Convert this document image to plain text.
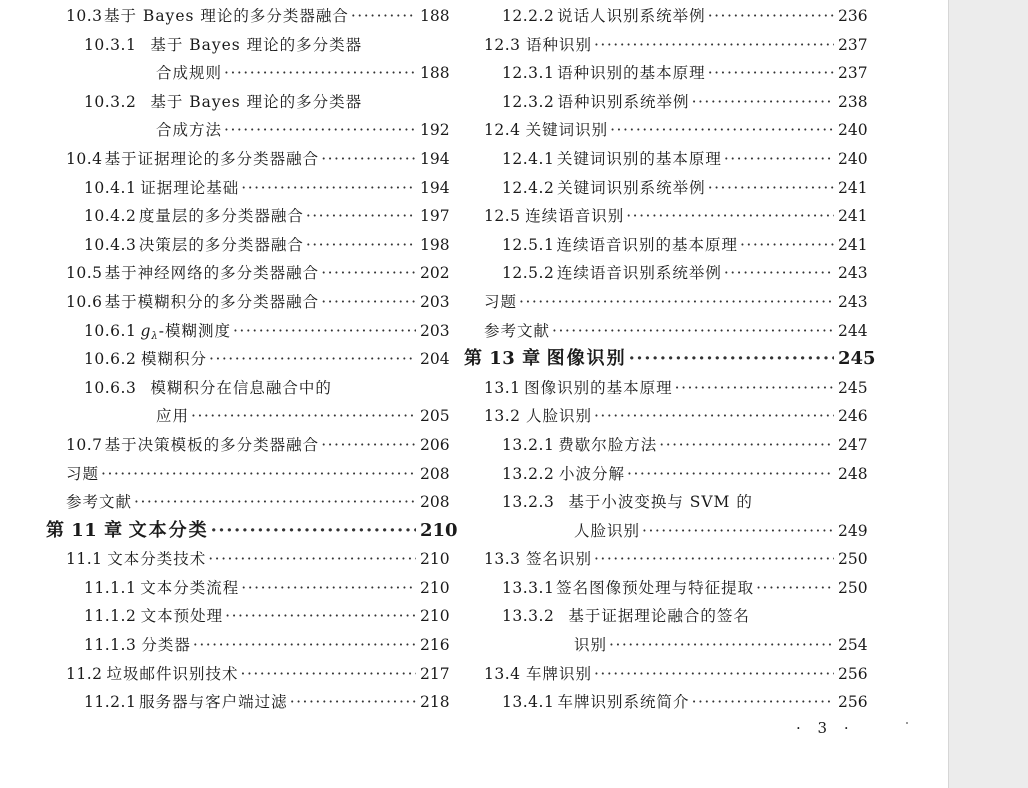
10.3 基于 Bayes 理论的多分类器融合 ·····	188
10.3.1 基于 Bayes 理论的多分类器
合成规则 ·····	188
10.3.2 基于 Bayes 理论的多分类器
合成方法 ·····	192
10.4 基于证据理论的多分类器融合 ·····	194
10.4.1 证据理论基础 ·····	194
10.4.2 度量层的多分类器融合 ·····	197
10.4.3 决策层的多分类器融合 ·····	198
10.5 基于神经网络的多分类器融合 ·····	202
10.6 基于模糊积分的多分类器融合 ·····	203
10.6.1 $g_\lambda-$模糊测度 ·····	203
10.6.2 模糊积分 ·····	204
10.6.3 模糊积分在信息融合中的
应用 ·····	205
10.7 基于决策模板的多分类器融合 ·····	206
习题 ·····	208
参考文献 ·····	208
第 11 章 文本分类 ·····	210
11.1 文本分类技术 ·····	210
11.1.1 文本分类流程 ·····	210
11.1.2 文本预处理 ·····	210
11.1.3 分类器 ·····	216
11.2 垃圾邮件识别技术 ·····	217
11.2.1 服务器与客户端过滤 ·····	218
12.2.2 说话人识别系统举例 ·····	236
12.3 语种识别 ·····	237
12.3.1 语种识别的基本原理 ·····	237
12.3.2 语种识别系统举例 ·····	238
12.4 关键词识别 ·····	240
12.4.1 关键词识别的基本原理 ·····	240
12.4.2 关键词识别系统举例 ·····	241
12.5 连续语音识别 ·····	241
12.5.1 连续语音识别的基本原理 ·····	241
12.5.2 连续语音识别系统举例 ·····	243
习题 ·····	243
参考文献 ·····	244
第 13 章 图像识别 ·····	245
13.1 图像识别的基本原理 ·····	245
13.2 人脸识别 ·····	246
13.2.1 费歇尔脸方法 ·····	247
13.2.2 小波分解 ·····	248
13.2.3 基于小波变换与 SVM 的
人脸识别 ·····	249
13.3 签名识别 ·····	250
13.3.1 签名图像预处理与特征提取 ·····	250
13.3.2 基于证据理论融合的签名
识别 ·····	254
13.4 车牌识别 ·····	256
13.4.1 车牌识别系统简介 ·····	256
· 3 ·
